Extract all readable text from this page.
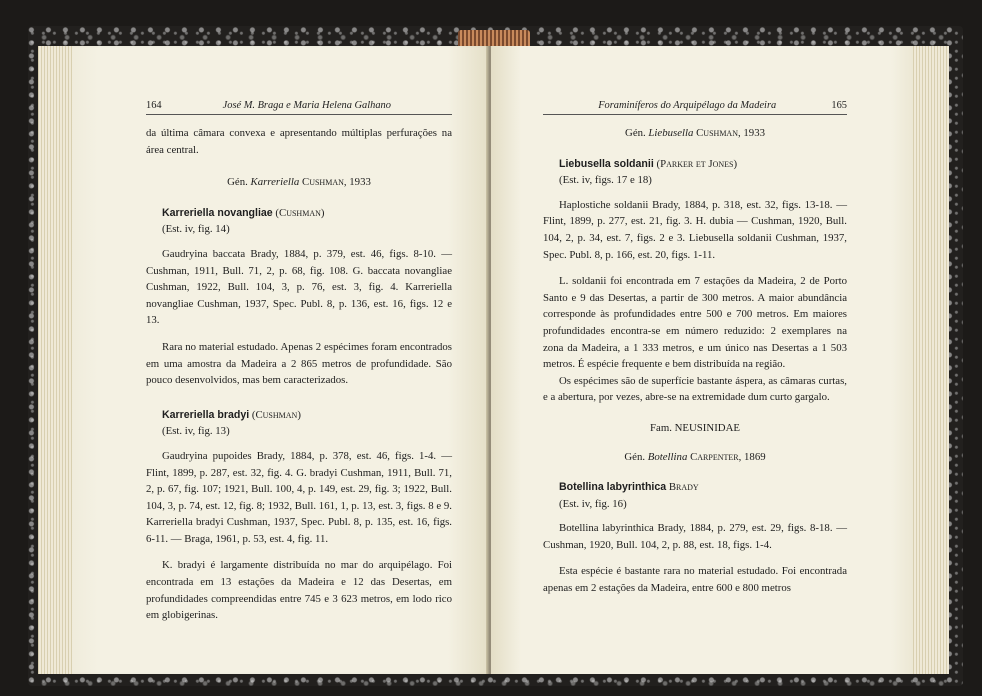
164	José M. Braga e Maria Helena Galhano

da última câmara convexa e apresentando múltiplas perfurações na área central.

Gén. Karreriella Cushman, 1933
Karreriella novangliae (Cushman)
(Est. iv, fig. 14)

Gaudryina baccata Brady, 1884, p. 379, est. 46, figs. 8-10. — Cushman, 1911, Bull. 71, 2, p. 68, fig. 108. G. baccata novangliae Cushman, 1922, Bull. 104, 3, p. 76, est. 3, fig. 4. Karreriella novangliae Cushman, 1937, Spec. Publ. 8, p. 136, est. 16, figs. 12 e 13.

Rara no material estudado. Apenas 2 espécimes foram encontrados em uma amostra da Madeira a 2 865 metros de profundidade. São pouco desenvolvidos, mas bem caracterizados.

Karreriella bradyi (Cushman)
(Est. iv, fig. 13)

Gaudryina pupoides Brady, 1884, p. 378, est. 46, figs. 1-4. — Flint, 1899, p. 287, est. 32, fig. 4. G. bradyi Cushman, 1911, Bull. 71, 2, p. 67, fig. 107; 1921, Bull. 100, 4, p. 149, est. 29, fig. 3; 1922, Bull. 104, 3, p. 74, est. 12, fig. 8; 1932, Bull. 161, 1, p. 13, est. 3, figs. 8 e 9. Karreriella bradyi Cushman, 1937, Spec. Publ. 8, p. 135, est. 16, figs. 6-11. — Braga, 1961, p. 53, est. 4, fig. 11.

K. bradyi é largamente distribuída no mar do arquipélago. Foi encontrada em 13 estações da Madeira e 12 das Desertas, em profundidades compreendidas entre 745 e 3 623 metros, em lodo rico em globigerinas.

Foraminíferos do Arquipélago da Madeira	165
Gén. Liebusella Cushman, 1933
Liebusella soldanii (Parker et Jones)
(Est. iv, figs. 17 e 18)

Haplostiche soldanii Brady, 1884, p. 318, est. 32, figs. 13-18. — Flint, 1899, p. 277, est. 21, fig. 3. H. dubia — Cushman, 1920, Bull. 104, 2, p. 34, est. 7, figs. 2 e 3. Liebusella soldanii Cushman, 1937, Spec. Publ. 8, p. 166, est. 20, figs. 1-11.

L. soldanii foi encontrada em 7 estações da Madeira, 2 de Porto Santo e 9 das Desertas, a partir de 300 metros. A maior abundância corresponde às profundidades entre 500 e 700 metros. Em maiores profundidades encontra-se em número reduzido: 2 exemplares na zona da Madeira, a 1 333 metros, e um único nas Desertas a 1 503 metros. É espécie frequente e bem distribuída na região.

Os espécimes são de superfície bastante áspera, as câmaras curtas, e a abertura, por vezes, abre-se na extremidade dum curto gargalo.

Fam. NEUSINIDAE
Gén. Botellina Carpenter, 1869
Botellina labyrinthica Brady
(Est. iv, fig. 16)

Botellina labyrinthica Brady, 1884, p. 279, est. 29, figs. 8-18. — Cushman, 1920, Bull. 104, 2, p. 88, est. 18, figs. 1-4.

Esta espécie é bastante rara no material estudado. Foi encontrada apenas em 2 estações da Madeira, entre 600 e 800 metros
